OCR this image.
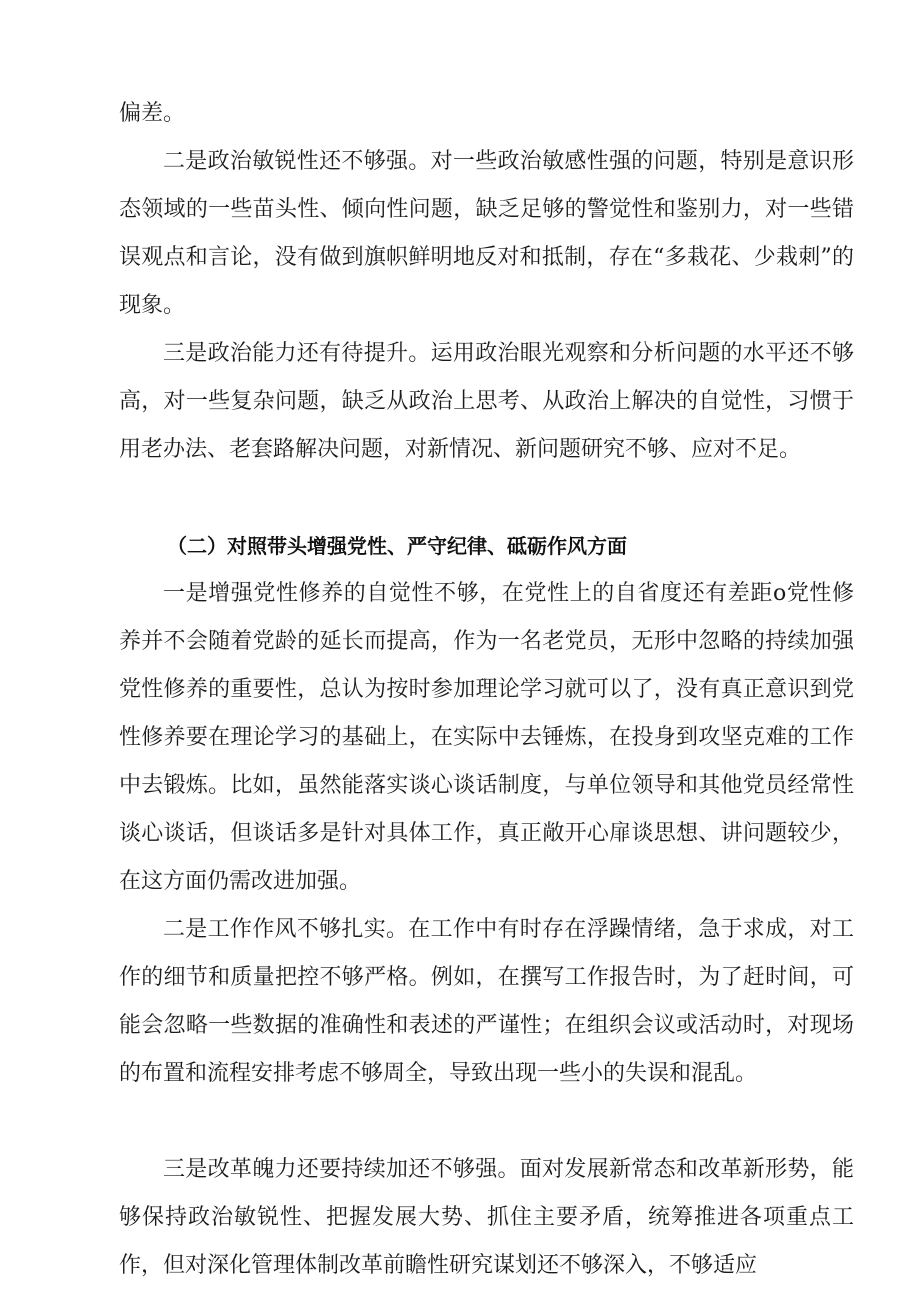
偏差。

二是政治敏锐性还不够强。对一些政治敏感性强的问题，特别是意识形态领域的一些苗头性、倾向性问题，缺乏足够的警觉性和鉴别力，对一些错误观点和言论，没有做到旗帜鲜明地反对和抵制，存在“多栽花、少栽刺”的现象。

三是政治能力还有待提升。运用政治眼光观察和分析问题的水平还不够高，对一些复杂问题，缺乏从政治上思考、从政治上解决的自觉性，习惯于用老办法、老套路解决问题，对新情况、新问题研究不够、应对不足。

（二）对照带头增强党性、严守纪律、砥砺作风方面

一是增强党性修养的自觉性不够，在党性上的自省度还有差距o党性修养并不会随着党龄的延长而提高，作为一名老党员，无形中忽略的持续加强党性修养的重要性，总认为按时参加理论学习就可以了，没有真正意识到党性修养要在理论学习的基础上，在实际中去锤炼，在投身到攻坚克难的工作中去锻炼。比如，虽然能落实谈心谈话制度，与单位领导和其他党员经常性谈心谈话，但谈话多是针对具体工作，真正敞开心扉谈思想、讲问题较少，在这方面仍需改进加强。

二是工作作风不够扎实。在工作中有时存在浮躁情绪，急于求成，对工作的细节和质量把控不够严格。例如，在撰写工作报告时，为了赶时间，可能会忽略一些数据的准确性和表述的严谨性；在组织会议或活动时，对现场的布置和流程安排考虑不够周全，导致出现一些小的失误和混乱。

三是改革魄力还要持续加还不够强。面对发展新常态和改革新形势，能够保持政治敏锐性、把握发展大势、抓住主要矛盾，统筹推进各项重点工作，但对深化管理体制改革前瞻性研究谋划还不够深入，不够适应
